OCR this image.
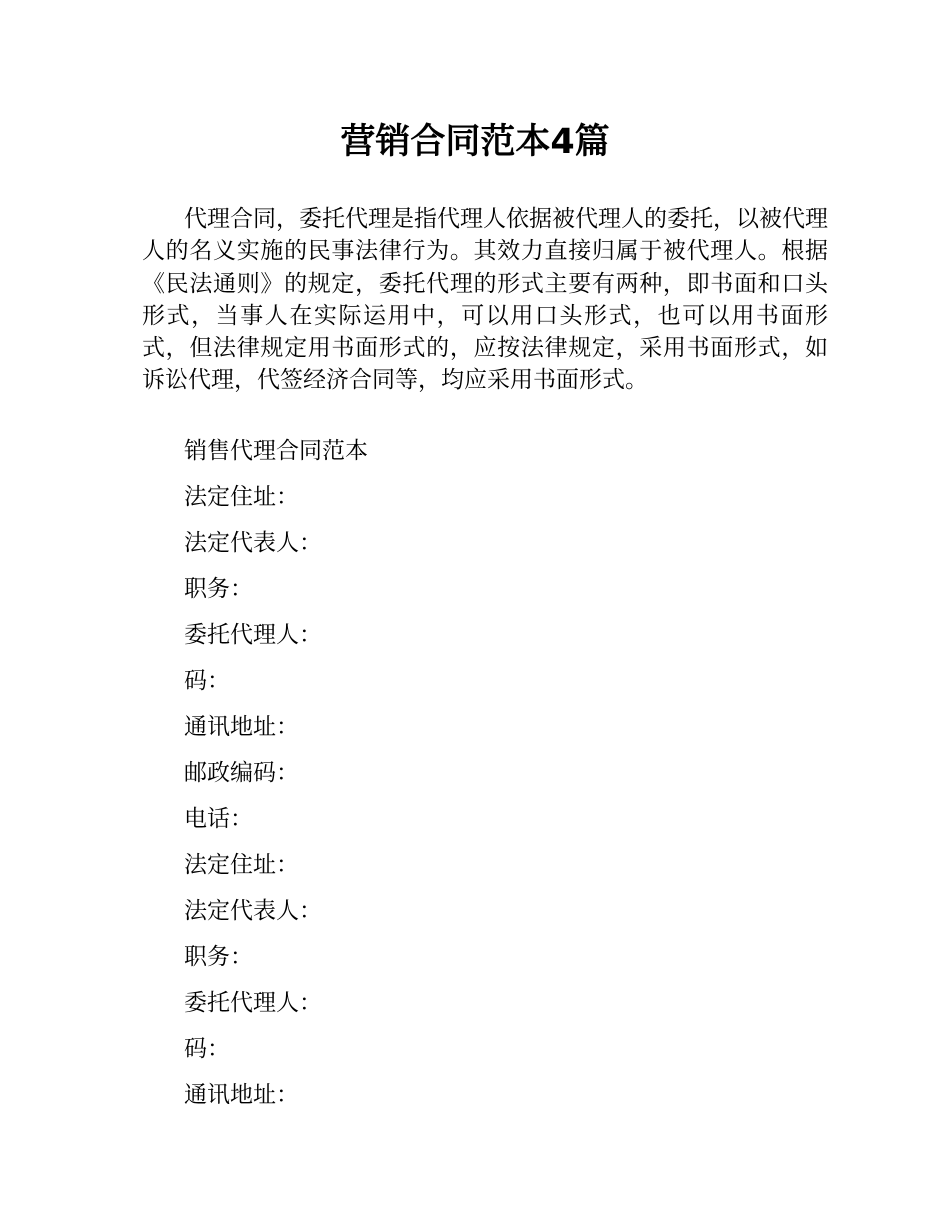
营销合同范本4篇

代理合同，委托代理是指代理人依据被代理人的委托，以被代理人的名义实施的民事法律行为。其效力直接归属于被代理人。根据《民法通则》的规定，委托代理的形式主要有两种，即书面和口头形式，当事人在实际运用中，可以用口头形式，也可以用书面形式，但法律规定用书面形式的，应按法律规定，采用书面形式，如诉讼代理，代签经济合同等，均应采用书面形式。

销售代理合同范本
法定住址：
法定代表人：
职务：
委托代理人：
码：
通讯地址：
邮政编码：
电话：
法定住址：
法定代表人：
职务：
委托代理人：
码：
通讯地址：
